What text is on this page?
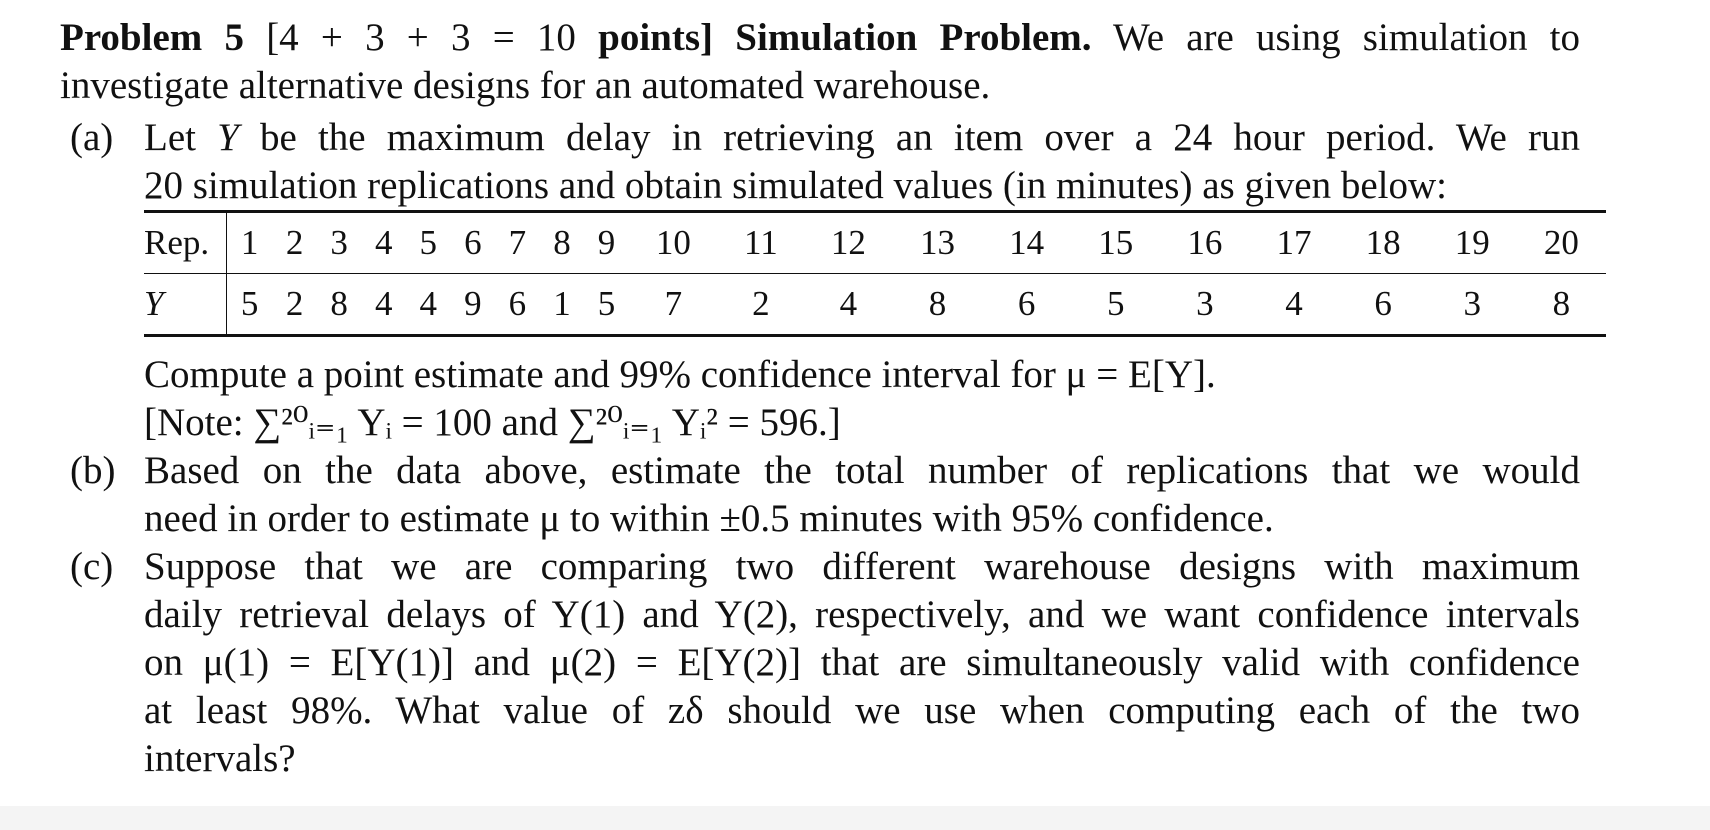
Problem 5 [4 + 3 + 3 = 10 points] Simulation Problem. We are using simulation to
investigate alternative designs for an automated warehouse.
(a) Let Y be the maximum delay in retrieving an item over a 24 hour period. We run
20 simulation replications and obtain simulated values (in minutes) as given below:
Rep.	1	2	3	4	5	6	7	8	9	10	11	12	13	14	15	16	17	18	19	20
Y	5	2	8	4	4	9	6	1	5	7	2	4	8	6	5	3	4	6	3	8
Compute a point estimate and 99% confidence interval for μ = E[Y].
[Note: ∑²⁰ᵢ₌₁ Yᵢ = 100 and ∑²⁰ᵢ₌₁ Yᵢ² = 596.]
(b) Based on the data above, estimate the total number of replications that we would
need in order to estimate μ to within ±0.5 minutes with 95% confidence.
(c) Suppose that we are comparing two different warehouse designs with maximum
daily retrieval delays of Y(1) and Y(2), respectively, and we want confidence intervals
on μ(1) = E[Y(1)] and μ(2) = E[Y(2)] that are simultaneously valid with confidence
at least 98%. What value of zδ should we use when computing each of the two
intervals?
